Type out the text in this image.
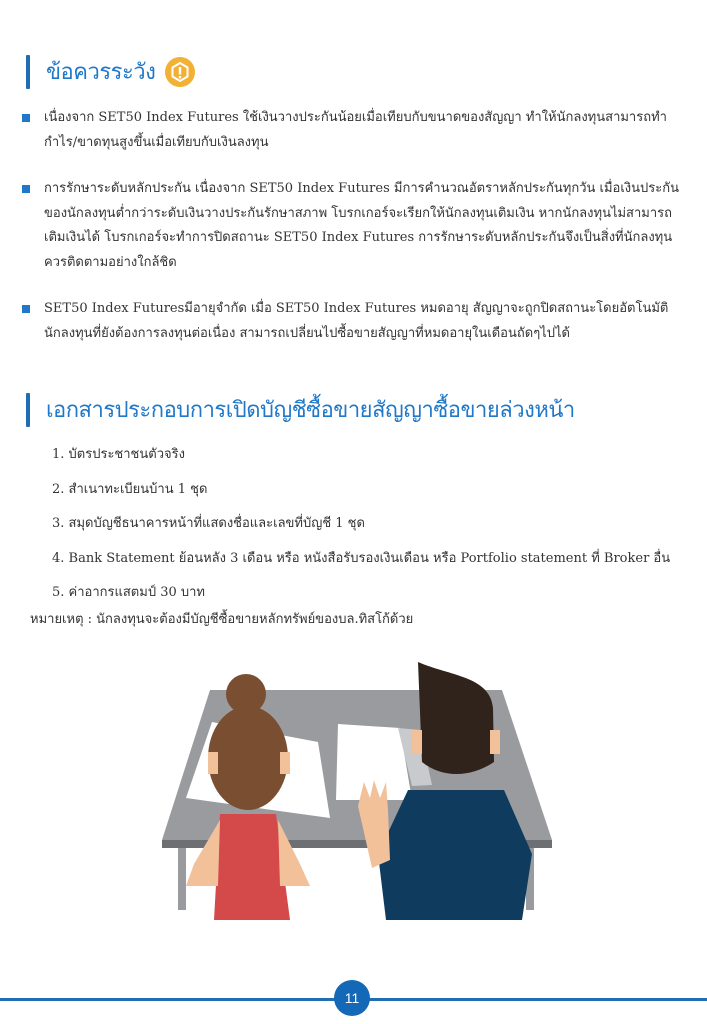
ข้อควรระวัง
เนื่องจาก SET50 Index Futures ใช้เงินวางประกันน้อยเมื่อเทียบกับขนาดของสัญญา ทำให้นักลงทุนสามารถทำกำไร/ขาดทุนสูงขึ้นเมื่อเทียบกับเงินลงทุน
การรักษาระดับหลักประกัน เนื่องจาก SET50 Index Futures มีการคำนวณอัตราหลักประกันทุกวัน เมื่อเงินประกันของนักลงทุนต่ำกว่าระดับเงินวางประกันรักษาสภาพ โบรกเกอร์จะเรียกให้นักลงทุนเติมเงิน หากนักลงทุนไม่สามารถเติมเงินได้ โบรกเกอร์จะทำการปิดสถานะ SET50 Index Futures การรักษาระดับหลักประกันจึงเป็นสิ่งที่นักลงทุนควรติดตามอย่างใกล้ชิด
SET50 Index Futuresมีอายุจำกัด เมื่อ SET50 Index Futures หมดอายุ สัญญาจะถูกปิดสถานะโดยอัตโนมัติ นักลงทุนที่ยังต้องการลงทุนต่อเนื่อง สามารถเปลี่ยนไปซื้อขายสัญญาที่หมดอายุในเดือนถัดๆไปได้
เอกสารประกอบการเปิดบัญชีซื้อขายสัญญาซื้อขายล่วงหน้า
1. บัตรประชาชนตัวจริง
2. สำเนาทะเบียนบ้าน 1 ชุด
3. สมุดบัญชีธนาคารหน้าที่แสดงชื่อและเลขที่บัญชี 1 ชุด
4. Bank Statement ย้อนหลัง 3 เดือน หรือ หนังสือรับรองเงินเดือน หรือ Portfolio statement ที่ Broker อื่น
5. ค่าอากรแสตมป์ 30 บาท
หมายเหตุ : นักลงทุนจะต้องมีบัญชีซื้อขายหลักทรัพย์ของบล.ทิสโก้ด้วย
11
